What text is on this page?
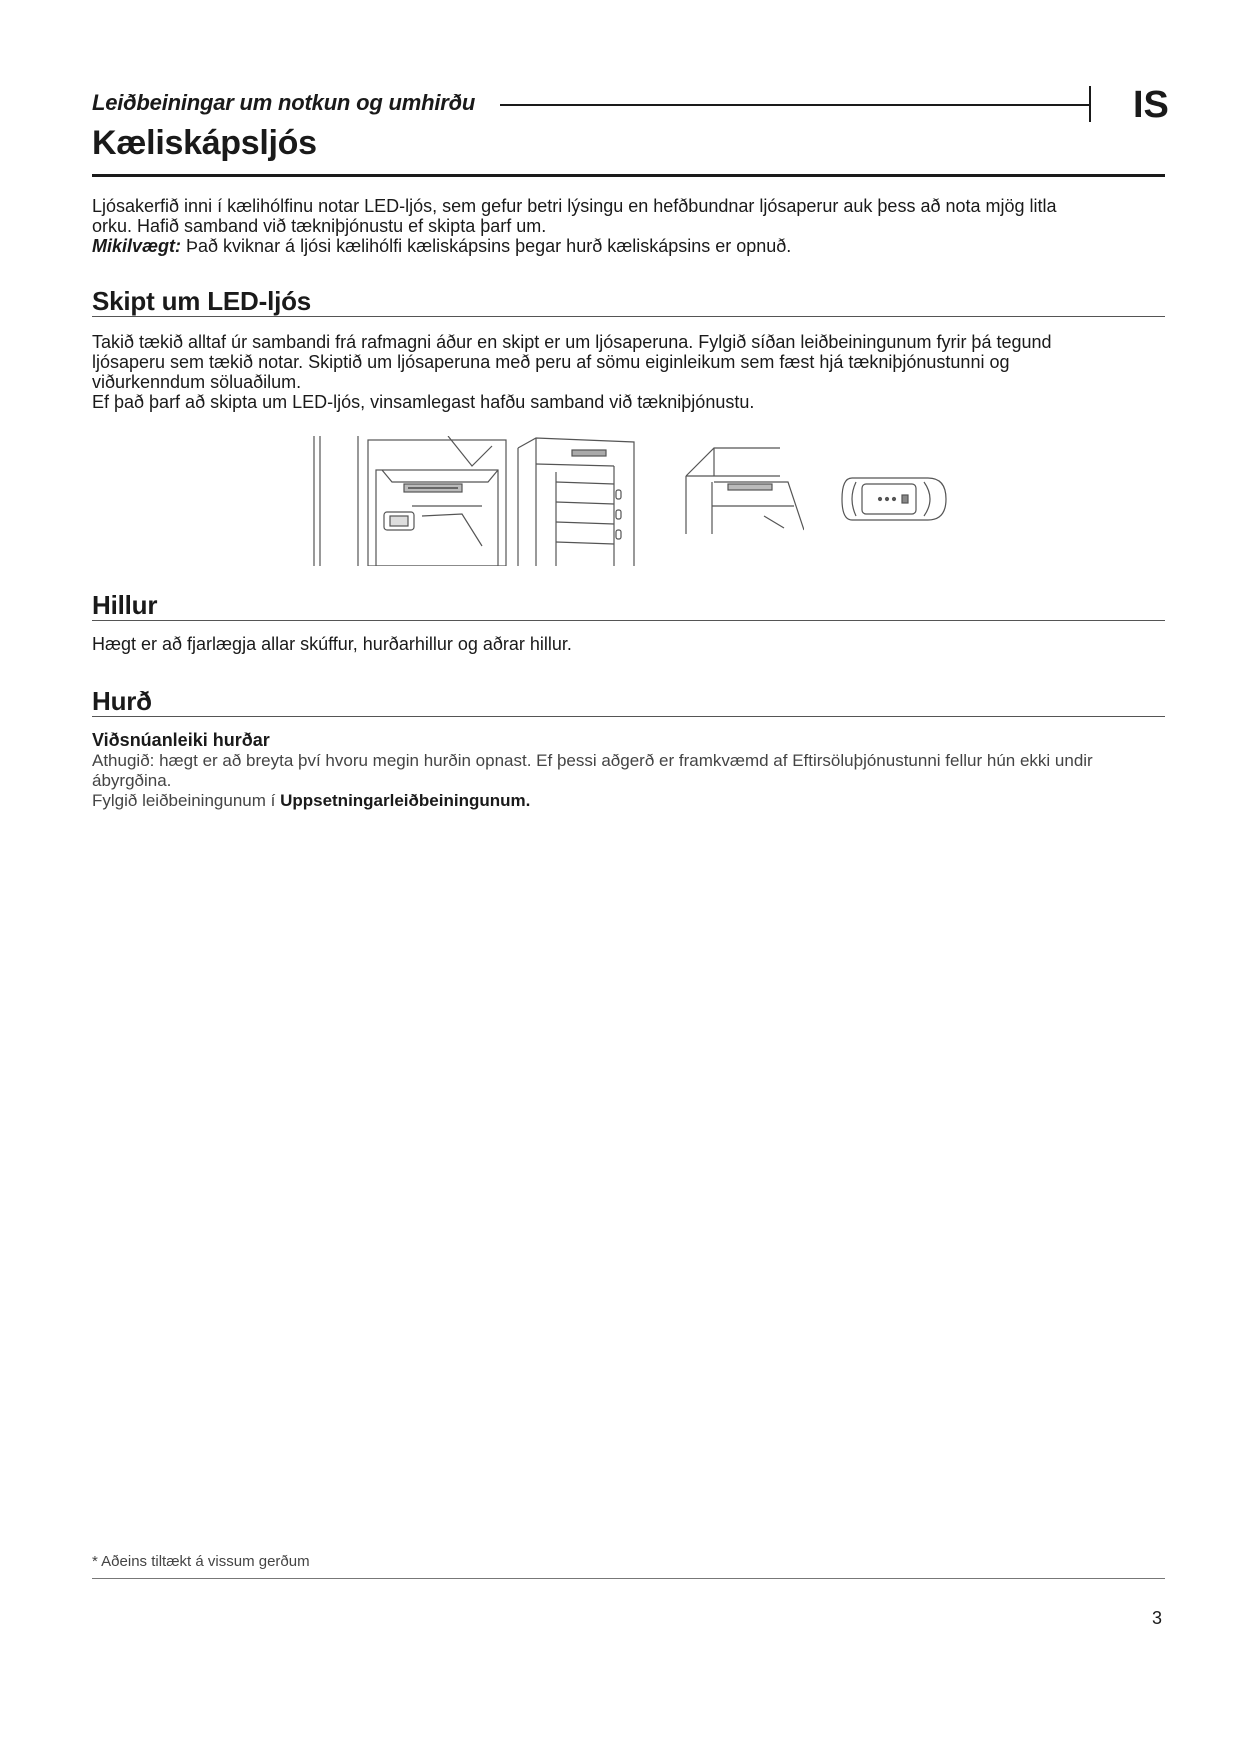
Leiðbeiningar um notkun og umhirðu	IS
Kæliskápsljós

Ljósakerfið inni í kælihólfinu notar LED-ljós, sem gefur betri lýsingu en hefðbundnar ljósaperur auk þess að nota mjög litla

orku. Hafið samband við tækniþjónustu ef skipta þarf um.

Mikilvægt: Það kviknar á ljósi kælihólfi kæliskápsins þegar hurð kæliskápsins er opnuð.

Skipt um LED-ljós

Takið tækið alltaf úr sambandi frá rafmagni áður en skipt er um ljósaperuna. Fylgið síðan leiðbeiningunum fyrir þá tegund

ljósaperu sem tækið notar. Skiptið um ljósaperuna með peru af sömu eiginleikum sem fæst hjá tækniþjónustunni og

viðurkenndum söluaðilum.

Ef það þarf að skipta um LED-ljós, vinsamlegast hafðu samband við tækniþjónustu.

Hillur
Hægt er að fjarlægja allar skúffur, hurðarhillur og aðrar hillur.
Hurð
Viðsnúanleiki hurðar

Athugið: hægt er að breyta því hvoru megin hurðin opnast. Ef þessi aðgerð er framkvæmd af Eftirsöluþjónustunni fellur hún ekki undir

ábyrgðina.

Fylgið leiðbeiningunum í Uppsetningarleiðbeiningunum.

* Aðeins tiltækt á vissum gerðum
3
